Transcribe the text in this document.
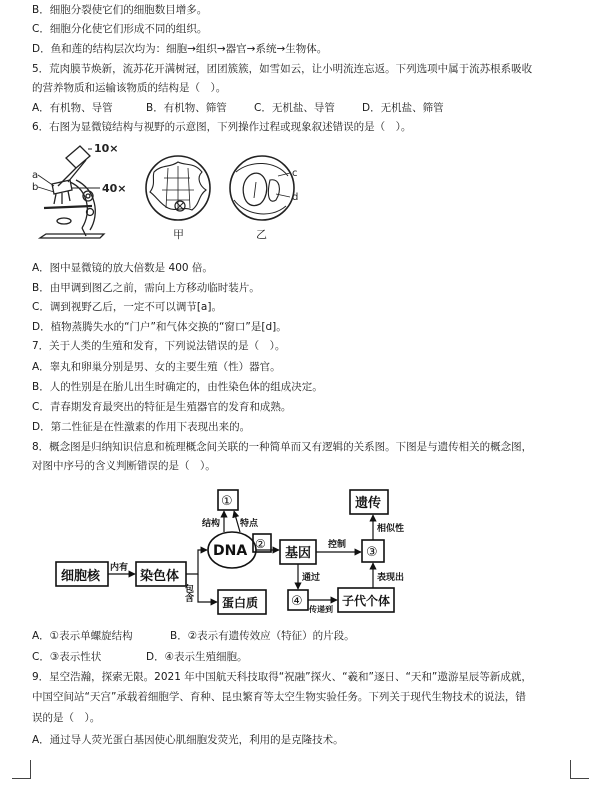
B．细胞分裂使它们的细胞数目增多。
C．细胞分化使它们形成不同的组织。
D．鱼和莲的结构层次均为：细胞→组织→器官→系统→生物体。
5．荒肉膜节焕新，流苏花开满树冠，团团簇簇，如雪如云，让小明流连忘返。下列选项中属于流苏根系吸收
的营养物质和运输该物质的结构是（　）。
A．有机物、导管	B．有机物、筛管	C．无机盐、导管	D．无机盐、筛管
6．右图为显微镜结构与视野的示意图，下列操作过程或现象叙述错误的是（　）。
10×
40×
a
b
甲
c
d
乙
A．图中显微镜的放大倍数是 400 倍。
B．由甲调到图乙之前，需向上方移动临时装片。
C．调到视野乙后，一定不可以调节[a]。
D．植物蒸腾失水的“门户”和气体交换的“窗口”是[d]。
7．关于人类的生殖和发育，下列说法错误的是（　）。
A．睾丸和卵巢分别是男、女的主要生殖（性）器官。
B．人的性别是在胎儿出生时确定的，由性染色体的组成决定。
C．青春期发育最突出的特征是生殖器官的发育和成熟。
D．第二性征是在性激素的作用下表现出来的。
8．概念图是归纳知识信息和梳理概念间关联的一种简单而又有逻辑的关系图。下图是与遗传相关的概念图，
对图中序号的含义判断错误的是（　）。
细胞核
内有
染色体
包含
①
结构 特点
DNA ②
基因
控制 ③
相似性
遗传
通过
蛋白质	④
传递到
子代个体
表现出
A．①表示单螺旋结构	B．②表示有遗传效应（特征）的片段。
C．③表示性状	D．④表示生殖细胞。
9．星空浩瀚，探索无限。2021 年中国航天科技取得“祝融”探火、“羲和”逐日、“天和”遨游星辰等新成就，
中国空间站“天宫”承载着细胞学、育种、昆虫繁育等太空生物实验任务。下列关于现代生物技术的说法，错
误的是（　）。
A．通过导人荧光蛋白基因使心肌细胞发荧光，利用的是克隆技术。
